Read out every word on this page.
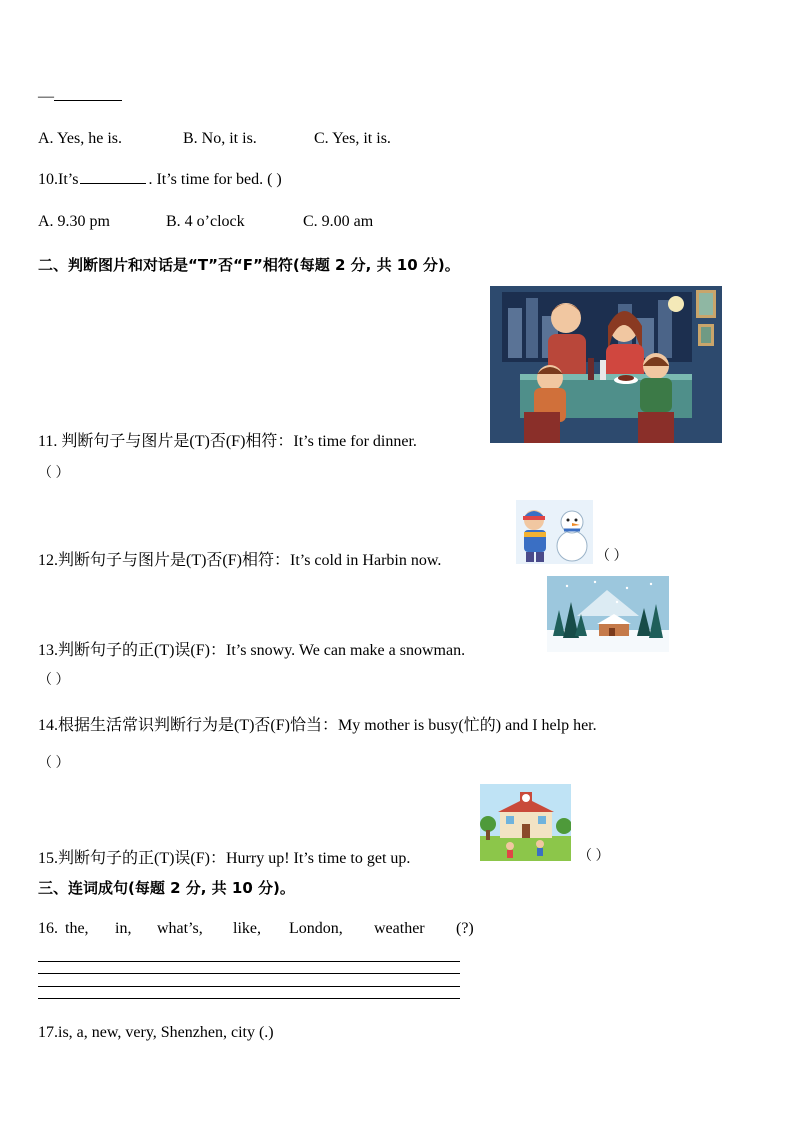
—
A. Yes, he is.	B. No, it is.	C. Yes, it is.
10.It’s	. It’s time for bed. ( )
A. 9.30 pm	B. 4 o’clock	C. 9.00 am
二、判断图片和对话是“T”否“F”相符(每题 2 分, 共 10 分)。
11. 判断句子与图片是(T)否(F)相符：It’s time for dinner.
（ ）
12.判断句子与图片是(T)否(F)相符：It’s cold in Harbin now.	（ ）
13.判断句子的正(T)误(F)：It’s snowy. We can make a snowman.
（ ）
14.根据生活常识判断行为是(T)否(F)恰当：My mother is busy(忙的) and I help her.
（ ）
15.判断句子的正(T)误(F)：Hurry up! It’s time to get up.	（ ）
三、连词成句(每题 2 分, 共 10 分)。
16. the, in, what’s, like, London, weather (?)
17.is, a, new, very, Shenzhen, city (.)
